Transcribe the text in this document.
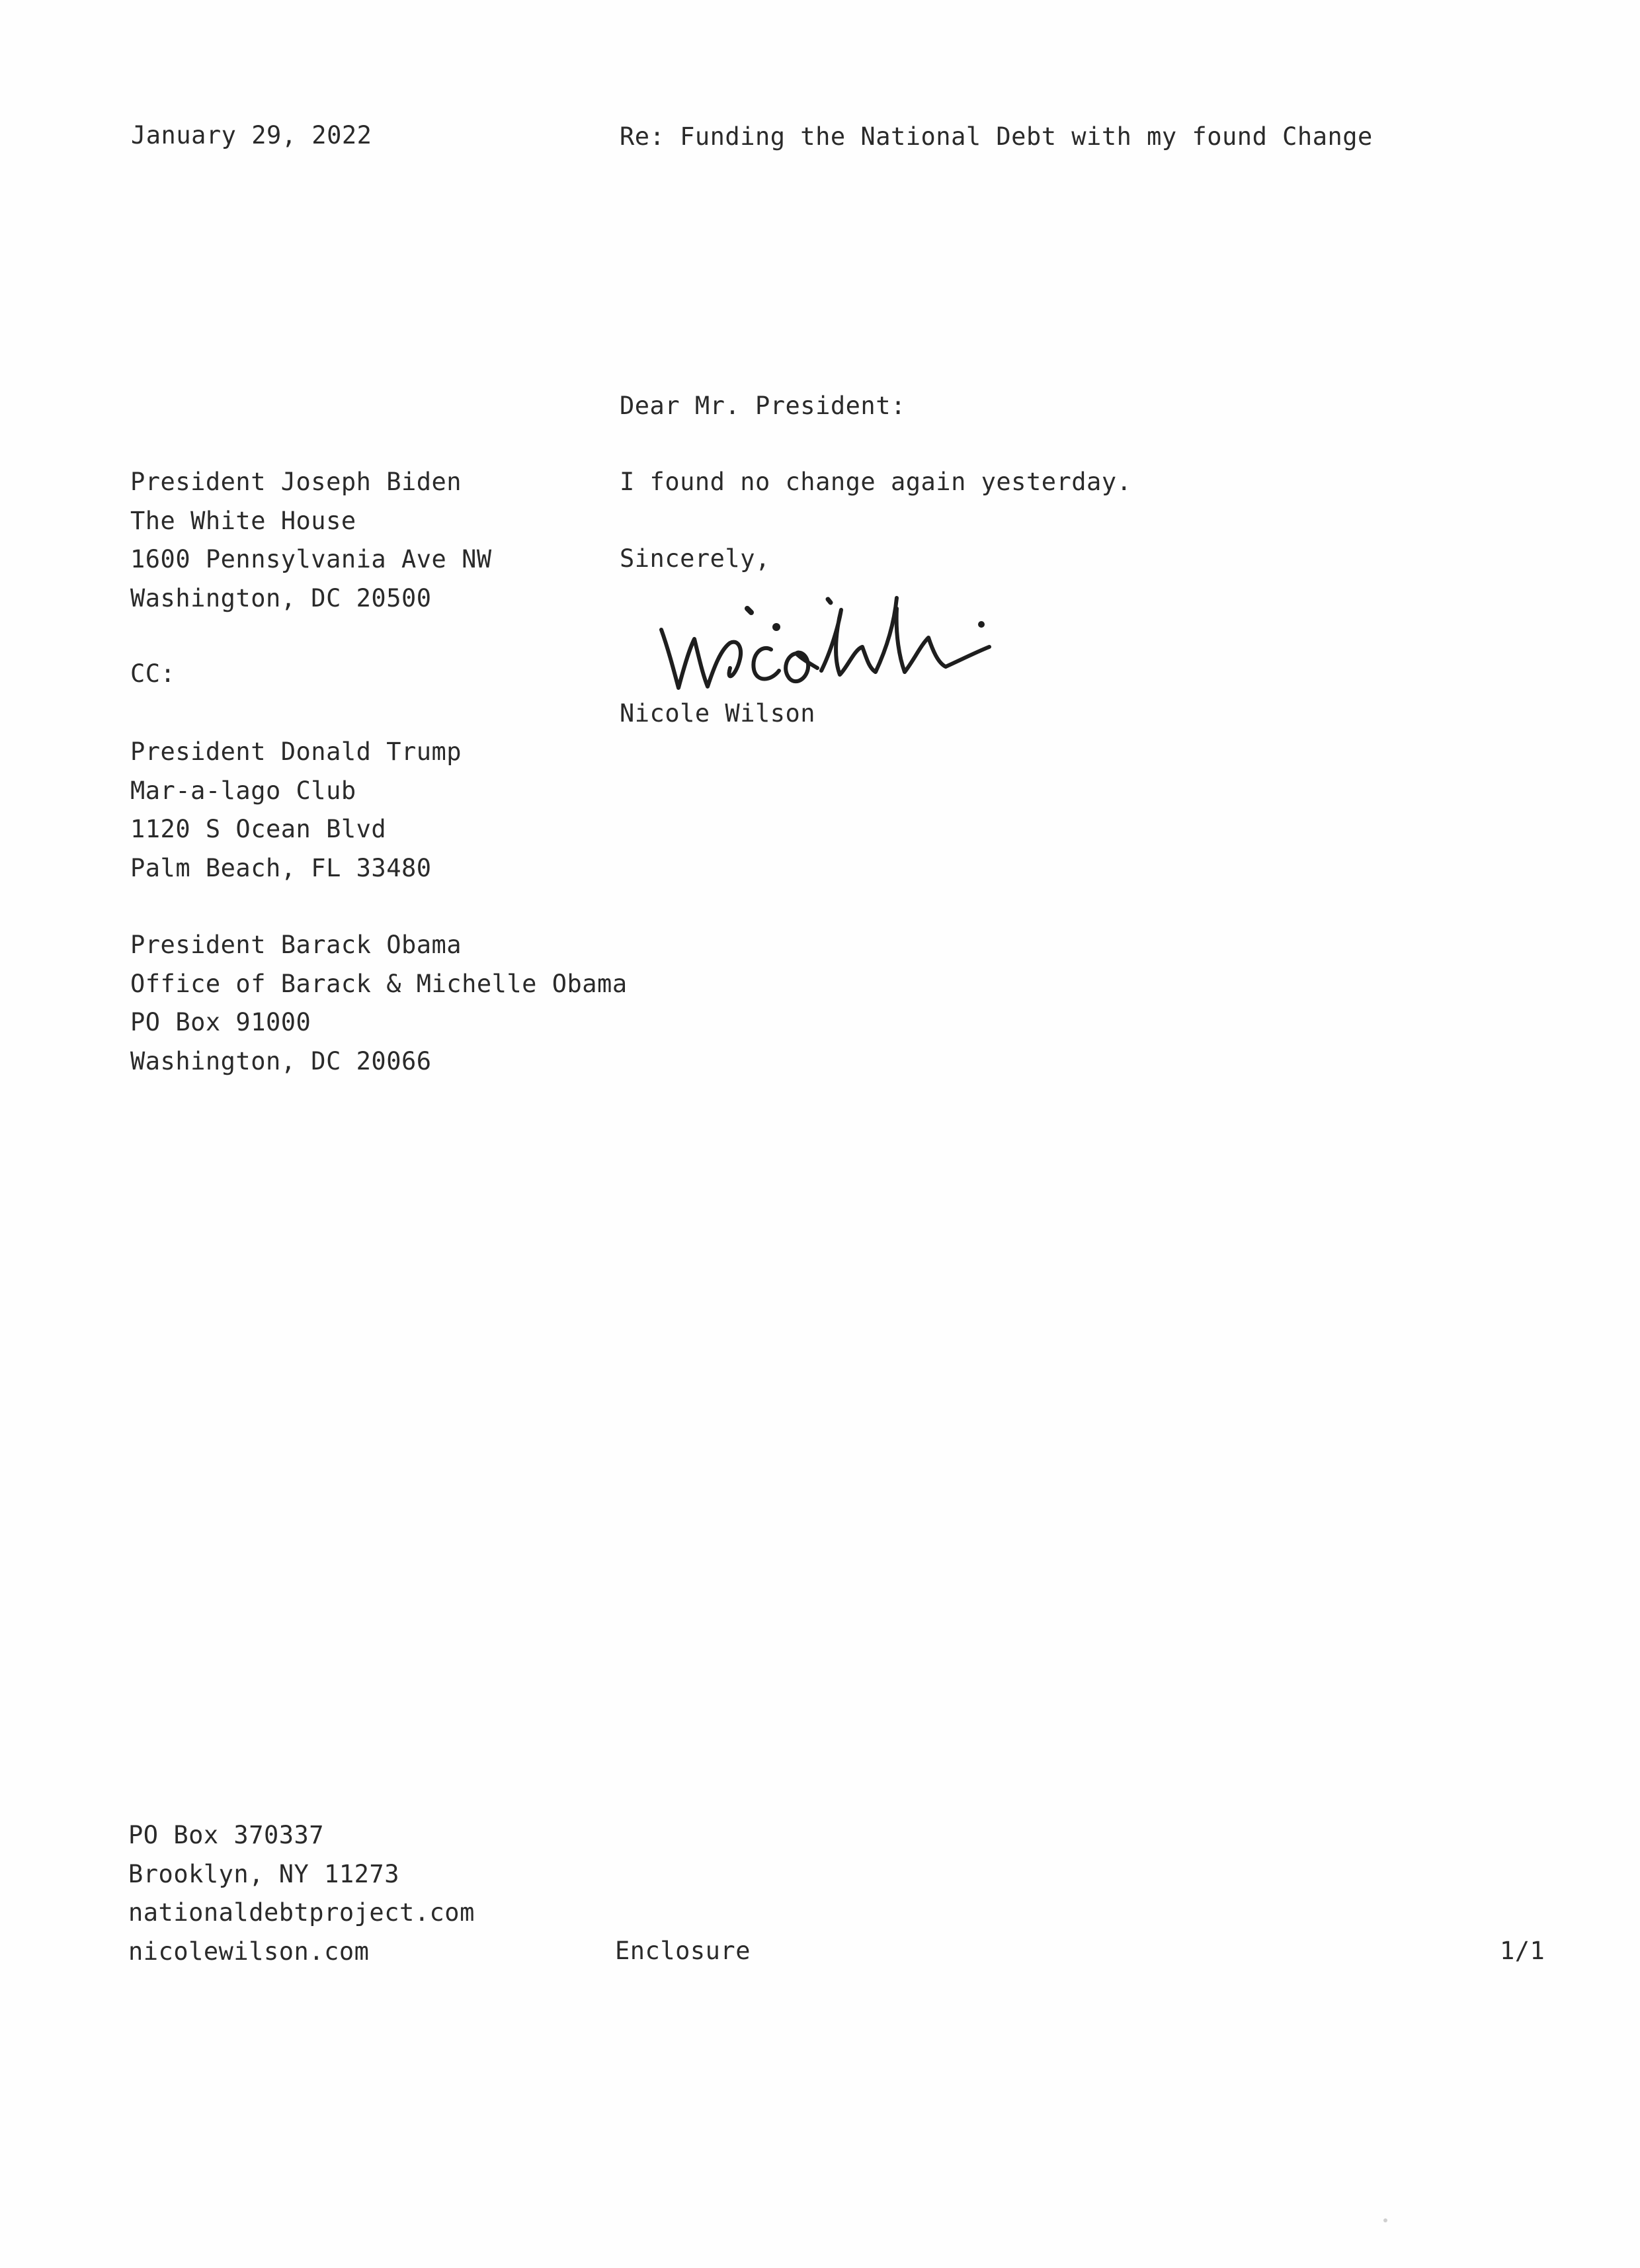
January 29, 2022	Re: Funding the National Debt with my found Change
Dear Mr. President:
I found no change again yesterday.
Sincerely,
Nicole Wilson
President Joseph Biden
The White House
1600 Pennsylvania Ave NW
Washington, DC 20500
CC:
President Donald Trump
Mar-a-lago Club
1120 S Ocean Blvd
Palm Beach, FL 33480
President Barack Obama
Office of Barack & Michelle Obama
PO Box 91000
Washington, DC 20066
PO Box 370337
Brooklyn, NY 11273
nationaldebtproject.com
nicolewilson.com	Enclosure	1/1
